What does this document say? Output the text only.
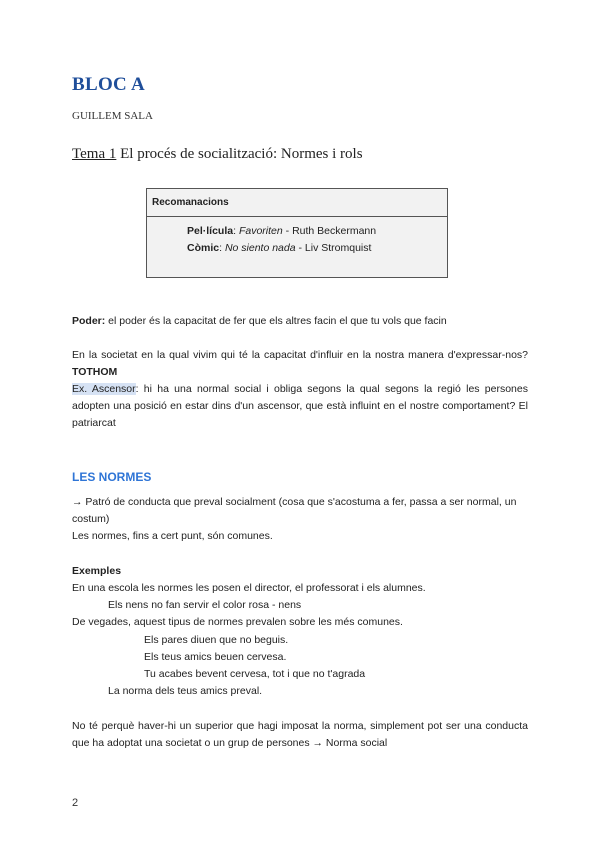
BLOC A
GUILLEM SALA
Tema 1 El procés de socialització: Normes i rols
Recomanacions
Pel·lícula: Favoriten - Ruth Beckermann
Còmic: No siento nada - Liv Stromquist
Poder: el poder és la capacitat de fer que els altres facin el que tu vols que facin
En la societat en la qual vivim qui té la capacitat d'influir en la nostra manera d'expressar-nos? TOTHOM
Ex. Ascensor: hi ha una normal social i obliga segons la qual segons la regió les persones adopten una posició en estar dins d'un ascensor, que està influint en el nostre comportament? El patriarcat
LES NORMES
→ Patró de conducta que preval socialment (cosa que s'acostuma a fer, passa a ser normal, un costum)
Les normes, fins a cert punt, són comunes.
Exemples
En una escola les normes les posen el director, el professorat i els alumnes.
Els nens no fan servir el color rosa - nens
De vegades, aquest tipus de normes prevalen sobre les més comunes.
Els pares diuen que no beguis.
Els teus amics beuen cervesa.
Tu acabes bevent cervesa, tot i que no t'agrada
La norma dels teus amics preval.
No té perquè haver-hi un superior que hagi imposat la norma, simplement pot ser una conducta que ha adoptat una societat o un grup de persones → Norma social
2
